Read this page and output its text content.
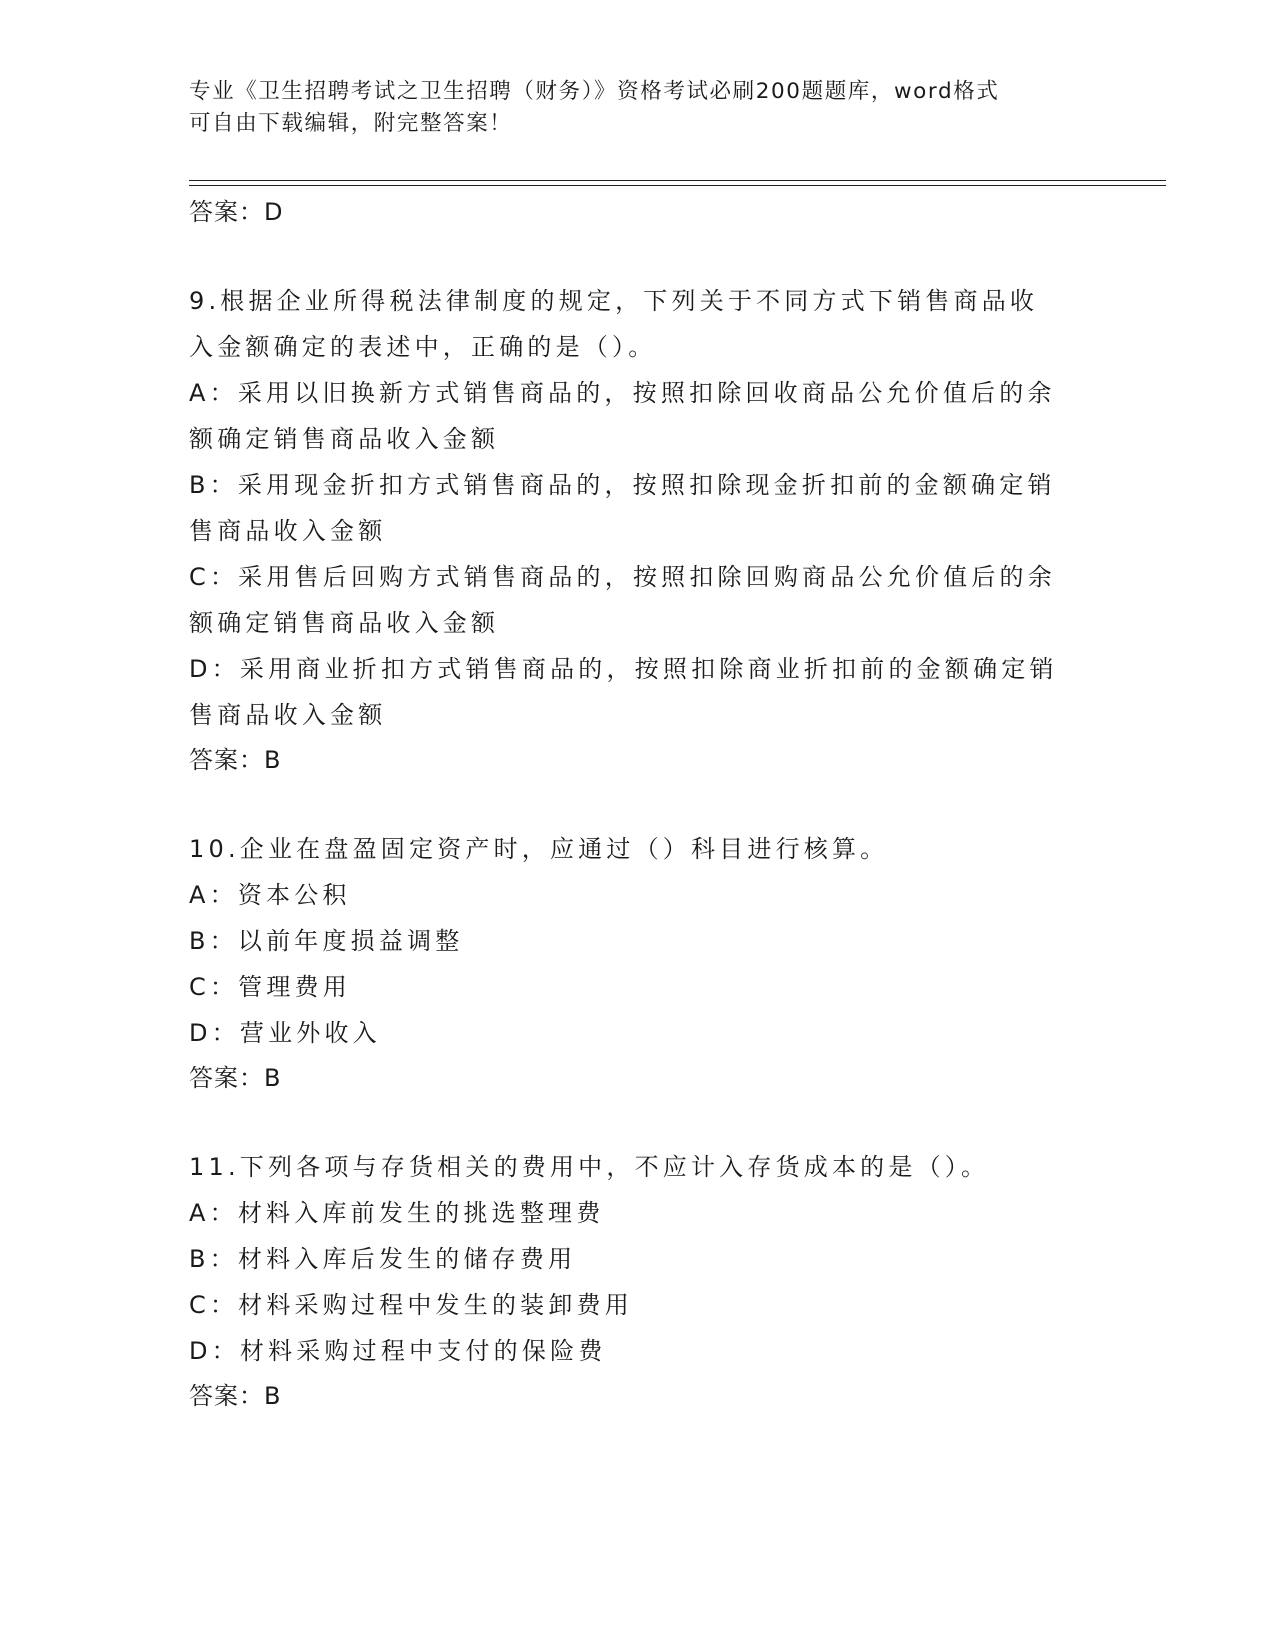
专业《卫生招聘考试之卫生招聘（财务）》资格考试必刷200题题库，word格式
可自由下载编辑，附完整答案！
答案：D
9.根据企业所得税法律制度的规定，下列关于不同方式下销售商品收
入金额确定的表述中，正确的是（）。
A：采用以旧换新方式销售商品的，按照扣除回收商品公允价值后的余
额确定销售商品收入金额
B：采用现金折扣方式销售商品的，按照扣除现金折扣前的金额确定销
售商品收入金额
C：采用售后回购方式销售商品的，按照扣除回购商品公允价值后的余
额确定销售商品收入金额
D：采用商业折扣方式销售商品的，按照扣除商业折扣前的金额确定销
售商品收入金额
答案：B
10.企业在盘盈固定资产时，应通过（）科目进行核算。
A：资本公积
B：以前年度损益调整
C：管理费用
D：营业外收入
答案：B
11.下列各项与存货相关的费用中，不应计入存货成本的是（）。
A：材料入库前发生的挑选整理费
B：材料入库后发生的储存费用
C：材料采购过程中发生的装卸费用
D：材料采购过程中支付的保险费
答案：B
